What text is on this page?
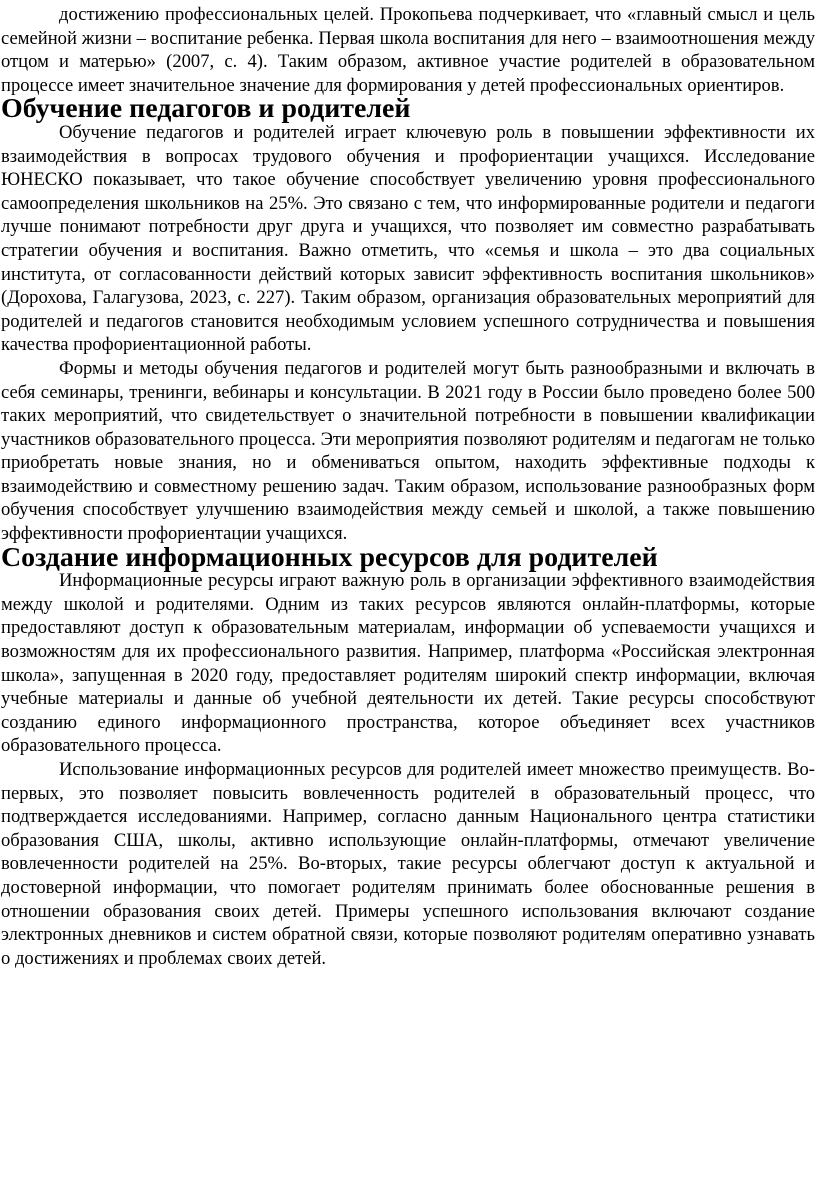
достижению профессиональных целей. Прокопьева подчеркивает, что «главный смысл и цель семейной жизни – воспитание ребенка. Первая школа воспитания для него – взаимоотношения между отцом и матерью» (2007, с. 4). Таким образом, активное участие родителей в образовательном процессе имеет значительное значение для формирования у детей профессиональных ориентиров.

Обучение педагогов и родителей

Обучение педагогов и родителей играет ключевую роль в повышении эффективности их взаимодействия в вопросах трудового обучения и профориентации учащихся. Исследование ЮНЕСКО показывает, что такое обучение способствует увеличению уровня профессионального самоопределения школьников на 25%. Это связано с тем, что информированные родители и педагоги лучше понимают потребности друг друга и учащихся, что позволяет им совместно разрабатывать стратегии обучения и воспитания. Важно отметить, что «семья и школа – это два социальных института, от согласованности действий которых зависит эффективность воспитания школьников» (Дорохова, Галагузова, 2023, с. 227). Таким образом, организация образовательных мероприятий для родителей и педагогов становится необходимым условием успешного сотрудничества и повышения качества профориентационной работы.

Формы и методы обучения педагогов и родителей могут быть разнообразными и включать в себя семинары, тренинги, вебинары и консультации. В 2021 году в России было проведено более 500 таких мероприятий, что свидетельствует о значительной потребности в повышении квалификации участников образовательного процесса. Эти мероприятия позволяют родителям и педагогам не только приобретать новые знания, но и обмениваться опытом, находить эффективные подходы к взаимодействию и совместному решению задач. Таким образом, использование разнообразных форм обучения способствует улучшению взаимодействия между семьей и школой, а также повышению эффективности профориентации учащихся.

Создание информационных ресурсов для родителей

Информационные ресурсы играют важную роль в организации эффективного взаимодействия между школой и родителями. Одним из таких ресурсов являются онлайн-платформы, которые предоставляют доступ к образовательным материалам, информации об успеваемости учащихся и возможностям для их профессионального развития. Например, платформа «Российская электронная школа», запущенная в 2020 году, предоставляет родителям широкий спектр информации, включая учебные материалы и данные об учебной деятельности их детей. Такие ресурсы способствуют созданию единого информационного пространства, которое объединяет всех участников образовательного процесса.

Использование информационных ресурсов для родителей имеет множество преимуществ. Во-первых, это позволяет повысить вовлеченность родителей в образовательный процесс, что подтверждается исследованиями. Например, согласно данным Национального центра статистики образования США, школы, активно использующие онлайн-платформы, отмечают увеличение вовлеченности родителей на 25%. Во-вторых, такие ресурсы облегчают доступ к актуальной и достоверной информации, что помогает родителям принимать более обоснованные решения в отношении образования своих детей. Примеры успешного использования включают создание электронных дневников и систем обратной связи, которые позволяют родителям оперативно узнавать о достижениях и проблемах своих детей.
